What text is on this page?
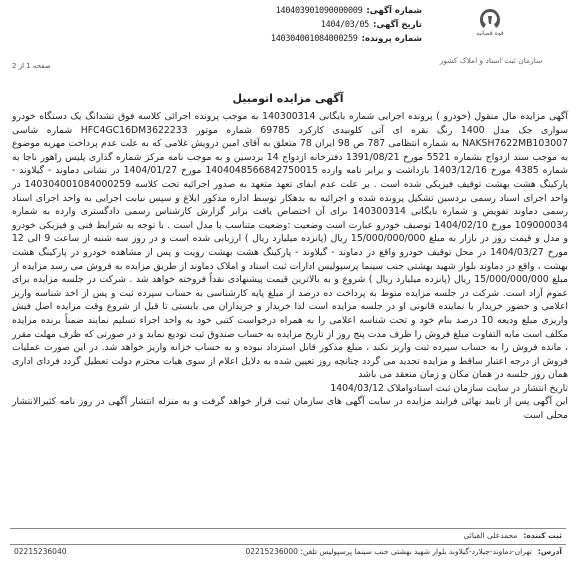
شماره آگهی:
140403901090000009
تاریخ آگهی:
1404/03/05
شماره پرونده:
140304001084000259
قوه قضائیه
سازمان ثبت اسناد و املاک کشور
صفحه 1 از 2
آگهی مزایده اتومبیل

آگهی مزایده مال منقول (خودرو ) پرونده اجرایی شماره بایگانی 140300314 به موجب پرونده اجرائی کلاسه فوق تشدانگ یک دستگاه خودرو سواری جک مدل 1400 رنگ نقره ای آتی کلوبیدی کارکرد 69785 شماره موتور HFC4GC16DM3622233 شماره شاسی NAKSH7622MB103007 به شماره انتظامی 787 ص 98 ایران 78 متعلق به آقای امین درویش غلامی که به علت عدم پرداخت مهریه موضوع به موجب سند ازدواج بشماره 5521 مورخ 1391/08/21 دفترخانه ازدواج 14 بردسین و به موجب نامه مرکز شماره گذاری پلیس راهور ناجا به شماره 4385 مورخ 1403/12/16 بازداشت و برابر نامه وارده 1404048566842750015 مورخ 1404/01/27 در نشانی دماوند - گیلاوند - پارکینگ هشت بهشت توقیف فیزیکی شده است . بر علت عدم ایفای تعهد متعهد به صدور اجرائیه تحت کلاسه 140304001084000259 در واحد اجرای اسناد رسمی بردسین تشکیل پرونده شده و اجرائیه به بدهکار توسط اداره مذکور ابلاغ و سپس نیابت اجرایی به واحد اجرای اسناد رسمی دماوند تفویض و شماره بایگانی 140300314 برای آن اختصاص یافت برابر گزارش کارشناس رسمی دادگستری وارده به شماره 109000034 مورخ 1404/02/10 توصیف خودرو عبارت است وضعیت :وضعیت متناسب با مدل است . با توجه به شرایط فنی و فیزیکی خودرو و مدل و قیمت روز در بازار به مبلغ 15/000/000/000 ریال (پانزده میلیارد ریال ) ارزیابی شده است و در روز سه شنبه از ساعت 9 الی 12 مورخ 1404/03/27 در محل توقیف خودرو واقع در دماوند - گیلاوند - پارکینگ هشت بهشت رویت و پس از مشاهده خودرو در پارکینگ هشت بهشت ، واقع در دماوند بلوار شهید بهشتی جنب سینما پرسپولیس ادارات ثبت اسناد و املاک دماوند از طریق مزایده به فروش می رسد مزایده از مبلغ 15/000/000/000 ریال (پانزده میلیارد ریال ) شروع و به بالاترین قیمت پیشنهادی نقداً فروخته خواهد شد . شرکت در جلسه مزایده برای عموم آزاد است. شرکت در جلسه مزایده منوط به پرداخت ده درصد از مبلغ پایه کارشناسی به حساب سپرده ثبت و پس از اخذ شناسه واریز اعلامی و حضور خریدار یا نماینده قانونی او در جلسه مزایده است لذا خریدار و خریداران می بایستی تا قبل از شروع وقت مزایده اصل فیش واریزی مبلغ ودیعه 10 درصد بنام خود و تحت شناسه اعلامی را به همراه درخواست کتبی خود به واحد اجراء تسلیم نمایند ضمناً برنده مزایده مکلف است مابه التفاوت مبلغ فروش را ظرف مدت پنج روز از تاریخ مزایده به حساب صندوق ثبت تودیع نماید و در صورتی که ظرف مهلت مقرر ، مانده فروش را به حساب سپرده ثبت واریز نکند ، مبلغ مذکور قابل استرداد نبوده و به حساب خزانه واریز خواهد شد. در این صورت عملیات فروش از درجه اعتبار ساقط و مزایده تجدید می گردد چنانچه روز تعیین شده به دلایل اعلام از سوی هیات محترم دولت تعطیل گردد فردای اداری همان روز جلسه در همان مکان و زمان منعقد می باشد

تاریخ انتشار در سایت سازمان ثبت اسنادواملاک 1404/03/12

این آگهی پس از تایید نهائی فرایند مزایده در سایت آگهی های سازمان ثبت قرار خواهد گرفت و به منزله انتشار آگهی در روز نامه کثیرالانتشار محلی است

ثبت کننده:
محمدعلی الفبائی
آدرس:
تهران-دماوند-جیلارد-گیلاوند بلوار شهید بهشتی جنب سینما پرسپولیس تلفن: 02215236000
02215236040
